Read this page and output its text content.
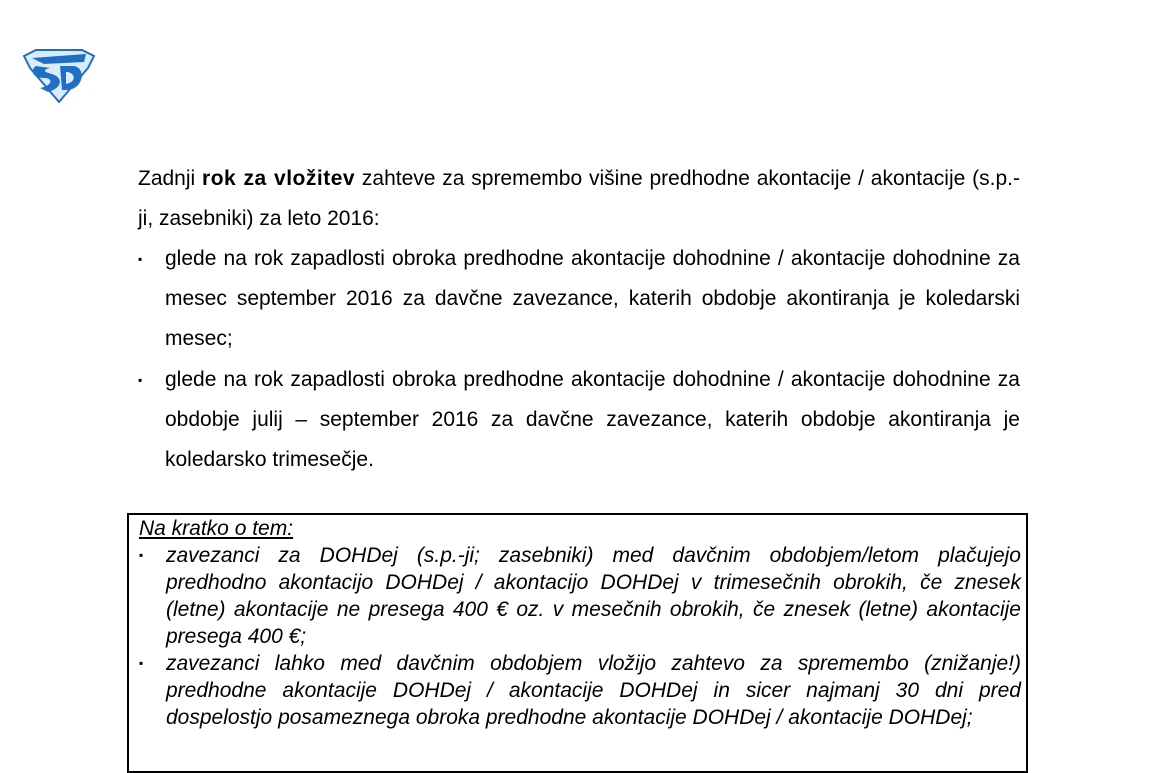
Zadnji rok za vložitev zahteve za spremembo višine predhodne akontacije / akontacije (s.p.-ji, zasebniki) za leto 2016:
▪ glede na rok zapadlosti obroka predhodne akontacije dohodnine / akontacije dohodnine za mesec september 2016 za davčne zavezance, katerih obdobje akontiranja je koledarski mesec;
▪ glede na rok zapadlosti obroka predhodne akontacije dohodnine / akontacije dohodnine za obdobje julij – september 2016 za davčne zavezance, katerih obdobje akontiranja je koledarsko trimesečje.
Na kratko o tem:
▪ zavezanci za DOHDej (s.p.-ji; zasebniki) med davčnim obdobjem/letom plačujejo predhodno akontacijo DOHDej / akontacijo DOHDej v trimesečnih obrokih, če znesek (letne) akontacije ne presega 400 € oz. v mesečnih obrokih, če znesek (letne) akontacije presega 400 €;
▪ zavezanci lahko med davčnim obdobjem vložijo zahtevo za spremembo (znižanje!) predhodne akontacije DOHDej / akontacije DOHDej in sicer najmanj 30 dni pred dospelostjo posameznega obroka predhodne akontacije DOHDej / akontacije DOHDej;
